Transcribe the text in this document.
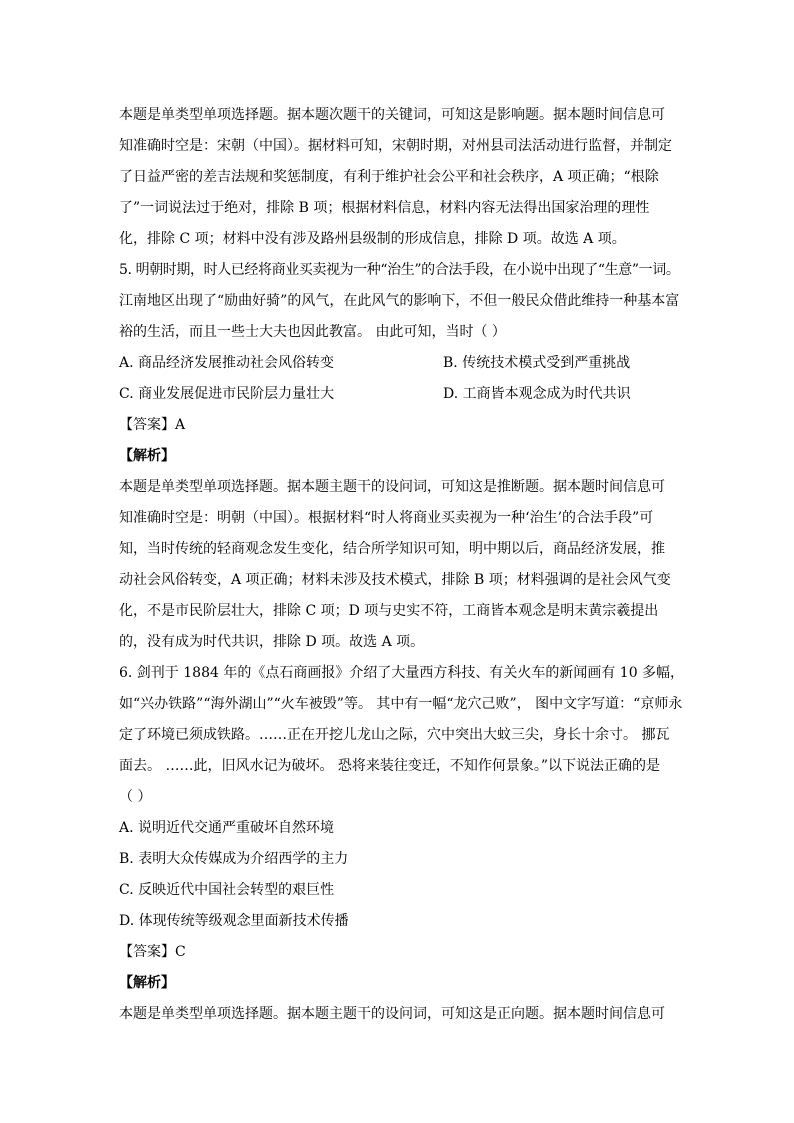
本题是单类型单项选择题。据本题次题干的关键词，可知这是影响题。据本题时间信息可
知准确时空是：宋朝（中国）。据材料可知，宋朝时期，对州县司法活动进行监督，并制定
了日益严密的差吉法规和奖惩制度，有利于维护社会公平和社会秩序，A 项正确；“根除
了”一词说法过于绝对，排除 B 项；根据材料信息，材料内容无法得出国家治理的理性
化，排除 C 项；材料中没有涉及路州县级制的形成信息，排除 D 项。故选 A 项。
5. 明朝时期，时人已经将商业买卖视为一种“治生”的合法手段，在小说中出现了“生意”一词。
江南地区出现了“励曲好骑”的风气，在此风气的影响下，不但一般民众借此维持一种基本富
裕的生活，而且一些士大夫也因此教富。 由此可知，当时（ ）
A. 商品经济发展推动社会风俗转变	B. 传统技术模式受到严重挑战
C. 商业发展促进市民阶层力量壮大	D. 工商皆本观念成为时代共识
【答案】A
【解析】
本题是单类型单项选择题。据本题主题干的设问词，可知这是推断题。据本题时间信息可
知准确时空是：明朝（中国）。根据材料“时人将商业买卖视为一种‘治生’的合法手段”可
知，当时传统的轻商观念发生变化，结合所学知识可知，明中期以后，商品经济发展，推
动社会风俗转变，A 项正确；材料未涉及技术模式，排除 B 项；材料强调的是社会风气变
化，不是市民阶层壮大，排除 C 项；D 项与史实不符，工商皆本观念是明末黄宗羲提出
的，没有成为时代共识，排除 D 项。故选 A 项。
6. 剑刊于 1884 年的《点石商画报》介绍了大量西方科技、有关火车的新闻画有 10 多幅，
如“兴办铁路”“海外湖山”“火车被毁”等。 其中有一幅“龙穴己败”， 图中文字写道：“京师永
定了环境已须成铁路。……正在开挖儿龙山之际，穴中突出大蚊三尖，身长十余寸。 挪瓦
面去。 ……此，旧风水记为破坏。 恐将来装往变迁，不知作何景象。”以下说法正确的是
（ ）
A. 说明近代交通严重破坏自然环境
B. 表明大众传媒成为介绍西学的主力
C. 反映近代中国社会转型的艰巨性
D. 体现传统等级观念里面新技术传播
【答案】C
【解析】
本题是单类型单项选择题。据本题主题干的设问词，可知这是正向题。据本题时间信息可
